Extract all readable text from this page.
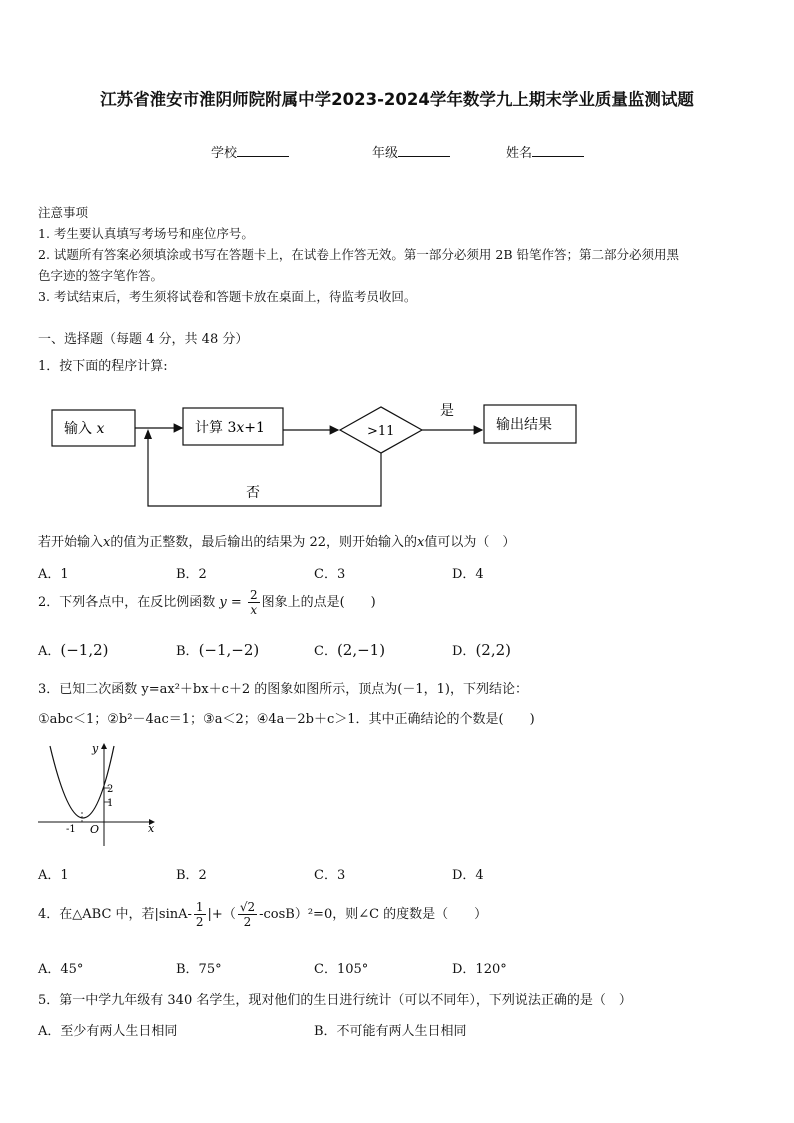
江苏省淮安市淮阴师院附属中学2023-2024学年数学九上期末学业质量监测试题
学校	年级	姓名
注意事项
1. 考生要认真填写考场号和座位序号。
2. 试题所有答案必须填涂或书写在答题卡上，在试卷上作答无效。第一部分必须用 2B 铅笔作答；第二部分必须用黑
色字迹的签字笔作答。
3. 考试结束后，考生须将试卷和答题卡放在桌面上，待监考员收回。
一、选择题（每题 4 分，共 48 分）
1．按下面的程序计算:
输入 x	计算 3x+1	>11
是
输出结果
否
若开始输入x的值为正整数，最后输出的结果为 22，则开始输入的x值可以为（　）
A．1	B．2	C．3	D．4
2．下列各点中，在反比例函数 $y = \frac{2}{x}$ 图象上的点是(　　)
A．(−1,2)	B．(−1,−2)	C．(2,−1)	D．(2,2)
3．已知二次函数 y=ax²＋bx＋c＋2 的图象如图所示，顶点为(－1，1)，下列结论：
①abc＜1；②b²－4ac＝1；③a＜2；④4a－2b＋c＞1．其中正确结论的个数是(　　)
y
x
O
2
1
-1
A．1	B．2	C．3	D．4
4．在△ABC 中，若$|\sin A- \frac{1}{2}$ |+（ $\frac{√2}{2} -\cos B)^2=0$，则∠C 的度数是（　　）
A．45°	B．75°	C．105°	D．120°
5．第一中学九年级有 340 名学生，现对他们的生日进行统计（可以不同年），下列说法正确的是（　）
A．至少有两人生日相同	B．不可能有两人生日相同
